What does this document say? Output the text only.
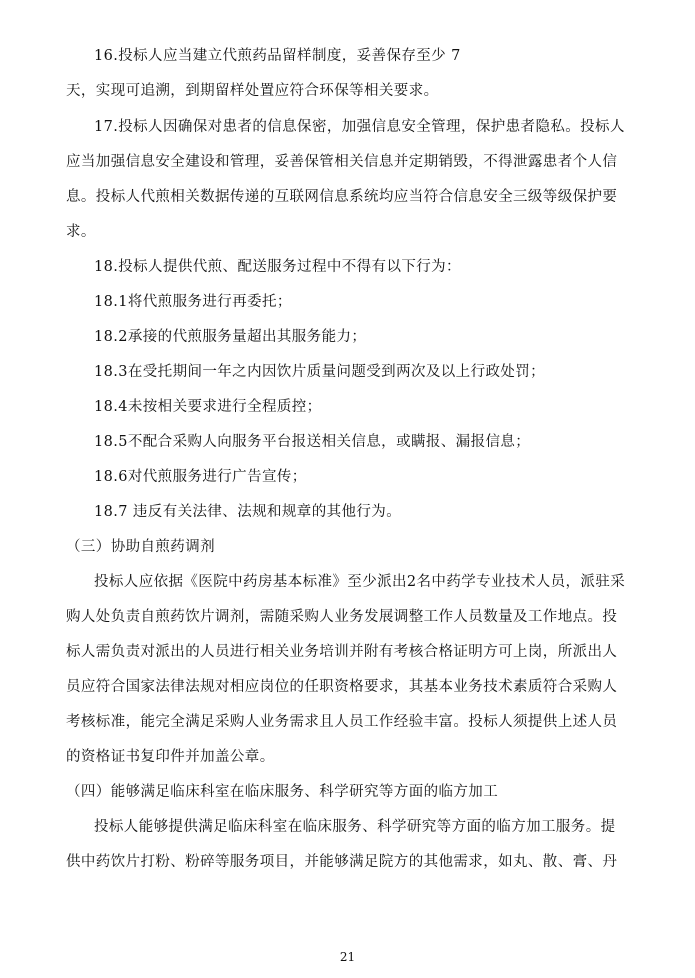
16.投标人应当建立代煎药品留样制度，妥善保存至少 7
天，实现可追溯，到期留样处置应符合环保等相关要求。
17.投标人因确保对患者的信息保密，加强信息安全管理，保护患者隐私。投标人
应当加强信息安全建设和管理，妥善保管相关信息并定期销毁，不得泄露患者个人信
息。投标人代煎相关数据传递的互联网信息系统均应当符合信息安全三级等级保护要
求。
18.投标人提供代煎、配送服务过程中不得有以下行为：
18.1将代煎服务进行再委托；
18.2承接的代煎服务量超出其服务能力；
18.3在受托期间一年之内因饮片质量问题受到两次及以上行政处罚；
18.4未按相关要求进行全程质控；
18.5不配合采购人向服务平台报送相关信息，或瞒报、漏报信息；
18.6对代煎服务进行广告宣传；
18.7 违反有关法律、法规和规章的其他行为。
（三）协助自煎药调剂
投标人应依据《医院中药房基本标准》至少派出2名中药学专业技术人员，派驻采
购人处负责自煎药饮片调剂，需随采购人业务发展调整工作人员数量及工作地点。投
标人需负责对派出的人员进行相关业务培训并附有考核合格证明方可上岗，所派出人
员应符合国家法律法规对相应岗位的任职资格要求，其基本业务技术素质符合采购人
考核标准，能完全满足采购人业务需求且人员工作经验丰富。投标人须提供上述人员
的资格证书复印件并加盖公章。
（四）能够满足临床科室在临床服务、科学研究等方面的临方加工
投标人能够提供满足临床科室在临床服务、科学研究等方面的临方加工服务。提
供中药饮片打粉、粉碎等服务项目，并能够满足院方的其他需求，如丸、散、膏、丹
21
